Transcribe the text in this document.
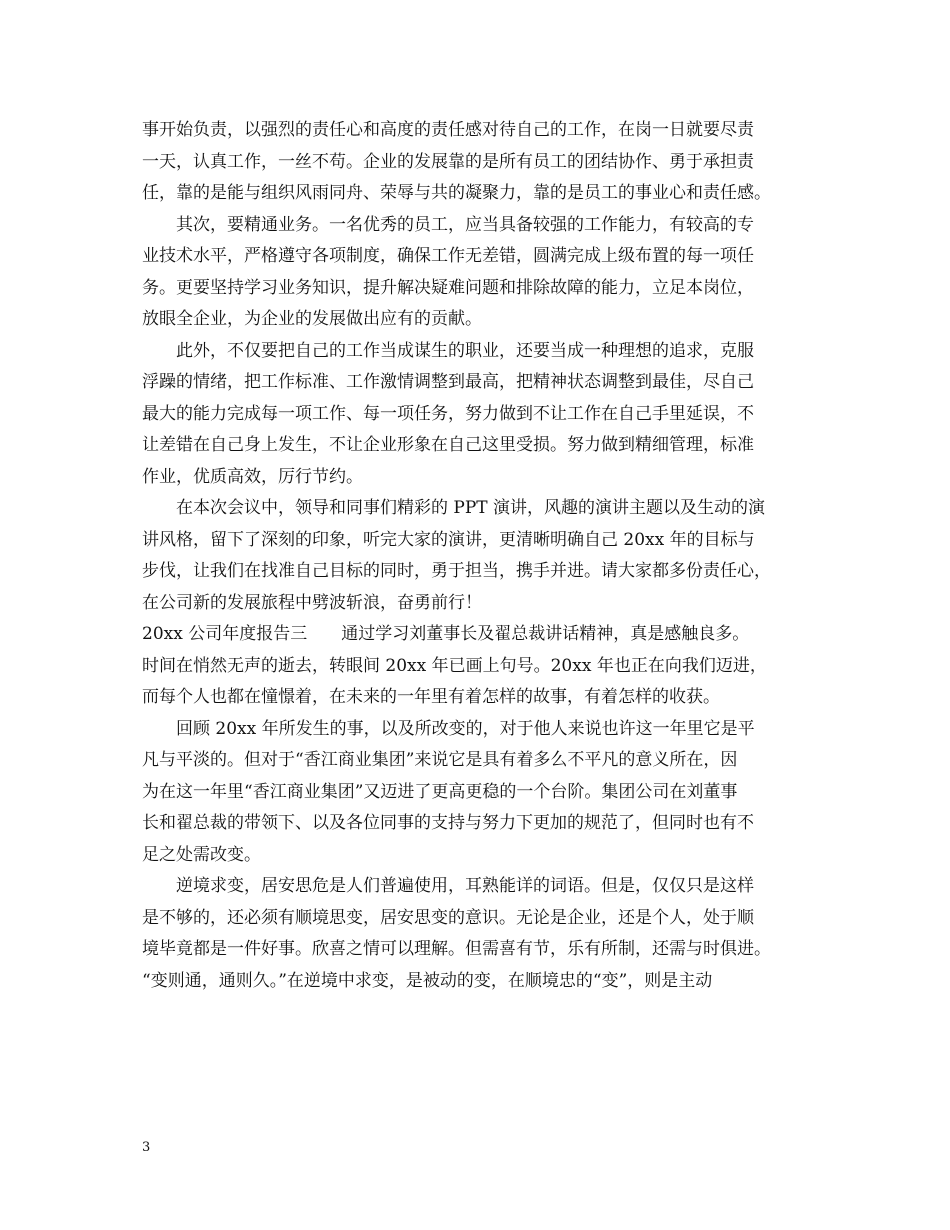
事开始负责，以强烈的责任心和高度的责任感对待自己的工作，在岗一日就要尽责
一天，认真工作，一丝不苟。企业的发展靠的是所有员工的团结协作、勇于承担责
任，靠的是能与组织风雨同舟、荣辱与共的凝聚力，靠的是员工的事业心和责任感。
　　其次，要精通业务。一名优秀的员工，应当具备较强的工作能力，有较高的专
业技术水平，严格遵守各项制度，确保工作无差错，圆满完成上级布置的每一项任
务。更要坚持学习业务知识，提升解决疑难问题和排除故障的能力，立足本岗位，
放眼全企业，为企业的发展做出应有的贡献。
　　此外，不仅要把自己的工作当成谋生的职业，还要当成一种理想的追求，克服
浮躁的情绪，把工作标准、工作激情调整到最高，把精神状态调整到最佳，尽自己
最大的能力完成每一项工作、每一项任务，努力做到不让工作在自己手里延误，不
让差错在自己身上发生，不让企业形象在自己这里受损。努力做到精细管理，标准
作业，优质高效，厉行节约。
　　在本次会议中，领导和同事们精彩的 PPT 演讲，风趣的演讲主题以及生动的演
讲风格，留下了深刻的印象，听完大家的演讲，更清晰明确自己 20xx 年的目标与
步伐，让我们在找准自己目标的同时，勇于担当，携手并进。请大家都多份责任心，
在公司新的发展旅程中劈波斩浪，奋勇前行！
20xx 公司年度报告三　　通过学习刘董事长及翟总裁讲话精神，真是感触良多。
时间在悄然无声的逝去，转眼间 20xx 年已画上句号。20xx 年也正在向我们迈进，
而每个人也都在憧憬着，在未来的一年里有着怎样的故事，有着怎样的收获。
　　回顾 20xx 年所发生的事，以及所改变的，对于他人来说也许这一年里它是平
凡与平淡的。但对于“香江商业集团”来说它是具有着多么不平凡的意义所在，因
为在这一年里“香江商业集团”又迈进了更高更稳的一个台阶。集团公司在刘董事
长和翟总裁的带领下、以及各位同事的支持与努力下更加的规范了，但同时也有不
足之处需改变。
　　逆境求变，居安思危是人们普遍使用，耳熟能详的词语。但是，仅仅只是这样
是不够的，还必须有顺境思变，居安思变的意识。无论是企业，还是个人，处于顺
境毕竟都是一件好事。欣喜之情可以理解。但需喜有节，乐有所制，还需与时俱进。
“变则通，通则久。”在逆境中求变，是被动的变，在顺境忠的“变”，则是主动
3
